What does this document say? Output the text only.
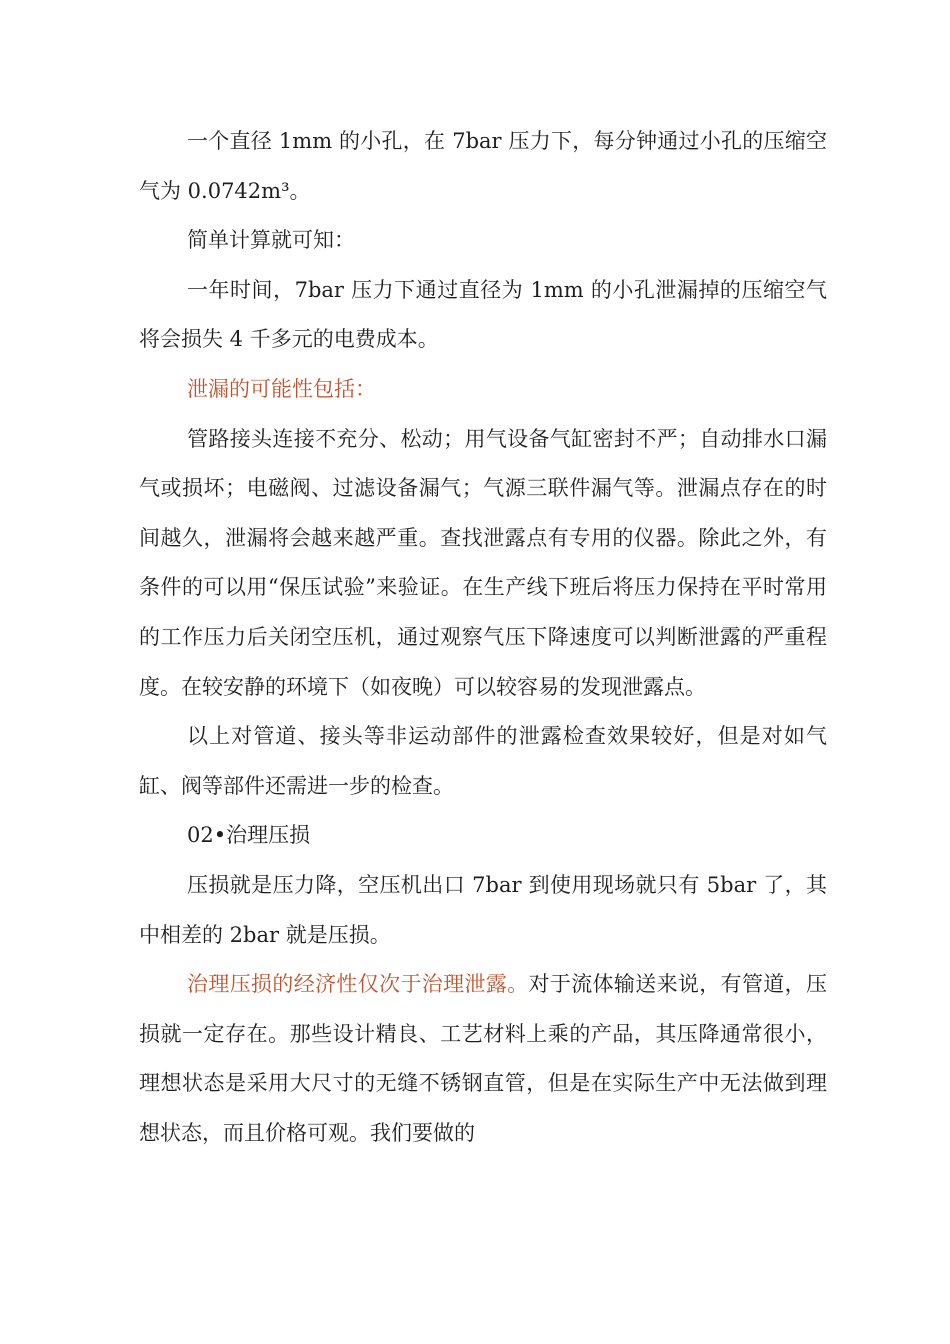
一个直径 1mm 的小孔，在 7bar 压力下，每分钟通过小孔的压缩空气为 0.0742m³。

简单计算就可知：

一年时间，7bar 压力下通过直径为 1mm 的小孔泄漏掉的压缩空气将会损失 4 千多元的电费成本。

泄漏的可能性包括：

管路接头连接不充分、松动；用气设备气缸密封不严；自动排水口漏气或损坏；电磁阀、过滤设备漏气；气源三联件漏气等。泄漏点存在的时间越久，泄漏将会越来越严重。查找泄露点有专用的仪器。除此之外，有条件的可以用“保压试验”来验证。在生产线下班后将压力保持在平时常用的工作压力后关闭空压机，通过观察气压下降速度可以判断泄露的严重程度。在较安静的环境下（如夜晚）可以较容易的发现泄露点。

以上对管道、接头等非运动部件的泄露检查效果较好，但是对如气缸、阀等部件还需进一步的检查。

02•治理压损

压损就是压力降，空压机出口 7bar 到使用现场就只有 5bar 了，其中相差的 2bar 就是压损。

治理压损的经济性仅次于治理泄露。对于流体输送来说，有管道，压损就一定存在。那些设计精良、工艺材料上乘的产品，其压降通常很小，理想状态是采用大尺寸的无缝不锈钢直管，但是在实际生产中无法做到理想状态，而且价格可观。我们要做的
